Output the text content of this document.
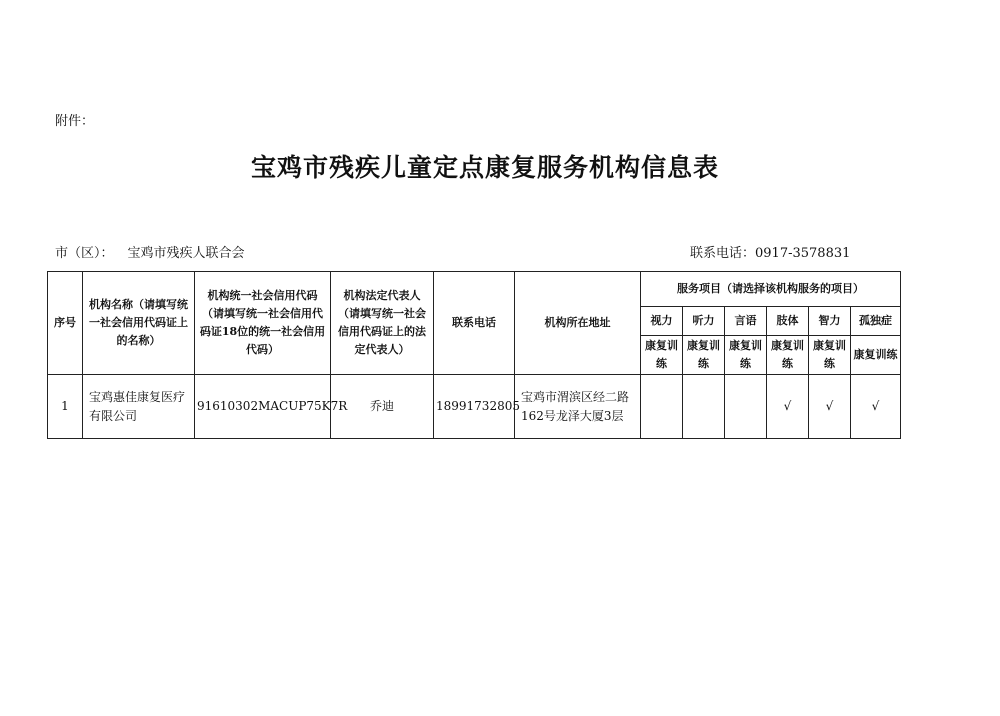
附件：
宝鸡市残疾儿童定点康复服务机构信息表
市（区）： 宝鸡市残疾人联合会	联系电话：0917-3578831
序号	机构名称（请填写统一社会信用代码证上的名称）	机构统一社会信用代码（请填写统一社会信用代码证18位的统一社会信用代码）	机构法定代表人（请填写统一社会信用代码证上的法定代表人）	联系电话	机构所在地址	服务项目（请选择该机构服务的项目）					
						视力	听力	言语	肢体	智力	孤独症
						康复训练	康复训练	康复训练	康复训练	康复训练	康复训练
1	宝鸡惠佳康复医疗有限公司	91610302MACUP75K7R	乔迪	18991732805	宝鸡市渭滨区经二路162号龙泽大厦3层				√	√	√
